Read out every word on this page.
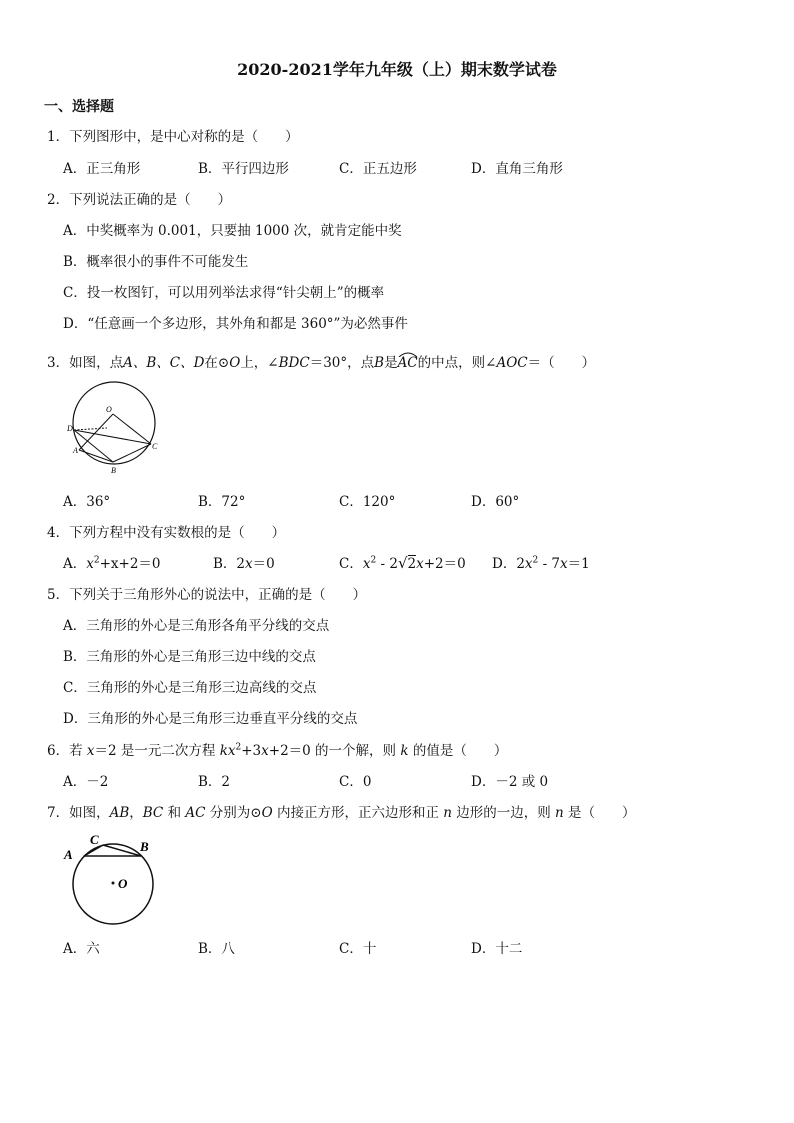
2020-2021学年九年级（上）期末数学试卷
一、选择题
1．下列图形中，是中心对称的是（　　）
A．正三角形	B．平行四边形	C．正五边形	D．直角三角形
2．下列说法正确的是（　　）
A．中奖概率为 0.001，只要抽 1000 次，就肯定能中奖
B．概率很小的事件不可能发生
C．投一枚图钉，可以用列举法求得“针尖朝上”的概率
D．“任意画一个多边形，其外角和都是 360°”为必然事件
3．如图，点A、B、C、D在⊙O上，∠BDC＝30°，点B是
AC的中点，则∠AOC＝（　　）
D
O
A	C
B
A．36°	B．72°	C．120°	D．60°
4．下列方程中没有实数根的是（　　）
A．$x^2+x+2=0$	B．2x＝0	C．$x^2 - 2√2x+2=0$ D．$2x^2 - 7x=1$
5．下列关于三角形外心的说法中，正确的是（　　）
A．三角形的外心是三角形各角平分线的交点
B．三角形的外心是三角形三边中线的交点
C．三角形的外心是三角形三边高线的交点
D．三角形的外心是三角形三边垂直平分线的交点
6．若 x＝2 是一元二次方程 $kx^2+3x+2=0$ 的一个解，则 k 的值是（　　）
A．－2	B．2	C．0	D．－2 或 0
7．如图，AB，BC 和 AC 分别为⊙O 内接正方形，正六边形和正 n 边形的一边，则 n 是（　　）
A
C	B
O
A．六	B．八	C．十	D．十二
